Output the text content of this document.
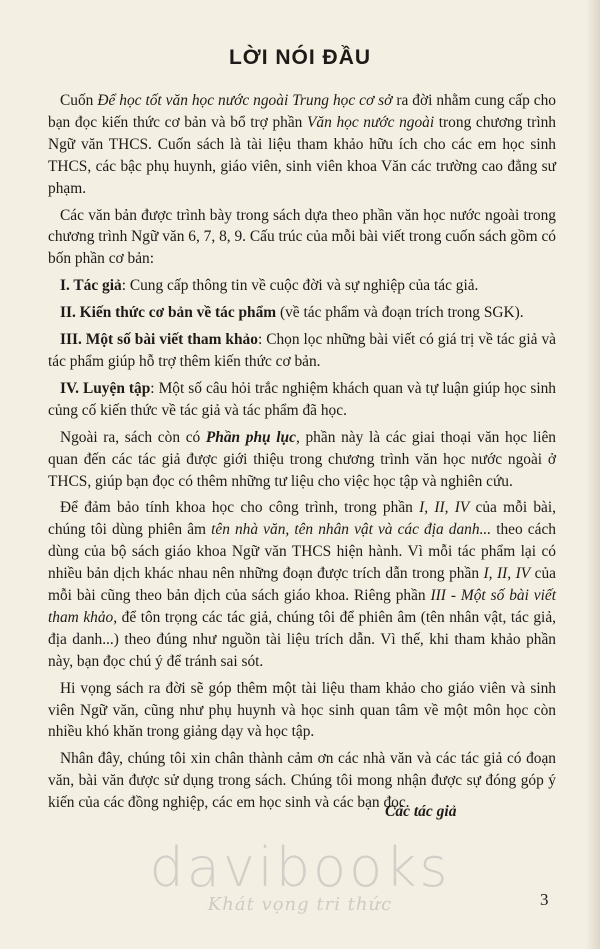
LỜI NÓI ĐẦU

Cuốn Để học tốt văn học nước ngoài Trung học cơ sở ra đời nhằm cung cấp cho bạn đọc kiến thức cơ bản và bổ trợ phần Văn học nước ngoài trong chương trình Ngữ văn THCS. Cuốn sách là tài liệu tham khảo hữu ích cho các em học sinh THCS, các bậc phụ huynh, giáo viên, sinh viên khoa Văn các trường cao đẳng sư phạm.

Các văn bản được trình bày trong sách dựa theo phần văn học nước ngoài trong chương trình Ngữ văn 6, 7, 8, 9. Cấu trúc của mỗi bài viết trong cuốn sách gồm có bốn phần cơ bản:

I. Tác giả: Cung cấp thông tin về cuộc đời và sự nghiệp của tác giả.

II. Kiến thức cơ bản về tác phẩm (về tác phẩm và đoạn trích trong SGK).

III. Một số bài viết tham khảo: Chọn lọc những bài viết có giá trị về tác giả và tác phẩm giúp hỗ trợ thêm kiến thức cơ bản.

IV. Luyện tập: Một số câu hỏi trắc nghiệm khách quan và tự luận giúp học sinh củng cố kiến thức về tác giả và tác phẩm đã học.

Ngoài ra, sách còn có Phần phụ lục, phần này là các giai thoại văn học liên quan đến các tác giả được giới thiệu trong chương trình văn học nước ngoài ở THCS, giúp bạn đọc có thêm những tư liệu cho việc học tập và nghiên cứu.

Để đảm bảo tính khoa học cho công trình, trong phần I, II, IV của mỗi bài, chúng tôi dùng phiên âm tên nhà văn, tên nhân vật và các địa danh... theo cách dùng của bộ sách giáo khoa Ngữ văn THCS hiện hành. Vì mỗi tác phẩm lại có nhiều bản dịch khác nhau nên những đoạn được trích dẫn trong phần I, II, IV của mỗi bài cũng theo bản dịch của sách giáo khoa. Riêng phần III - Một số bài viết tham khảo, để tôn trọng các tác giả, chúng tôi để phiên âm (tên nhân vật, tác giả, địa danh...) theo đúng như nguồn tài liệu trích dẫn. Vì thế, khi tham khảo phần này, bạn đọc chú ý để tránh sai sót.

Hi vọng sách ra đời sẽ góp thêm một tài liệu tham khảo cho giáo viên và sinh viên Ngữ văn, cũng như phụ huynh và học sinh quan tâm về một môn học còn nhiều khó khăn trong giảng dạy và học tập.

Nhân đây, chúng tôi xin chân thành cảm ơn các nhà văn và các tác giả có đoạn văn, bài văn được sử dụng trong sách. Chúng tôi mong nhận được sự đóng góp ý kiến của các đồng nghiệp, các em học sinh và các bạn đọc.

Các tác giả
davibooks
Khát vọng tri thức	3
